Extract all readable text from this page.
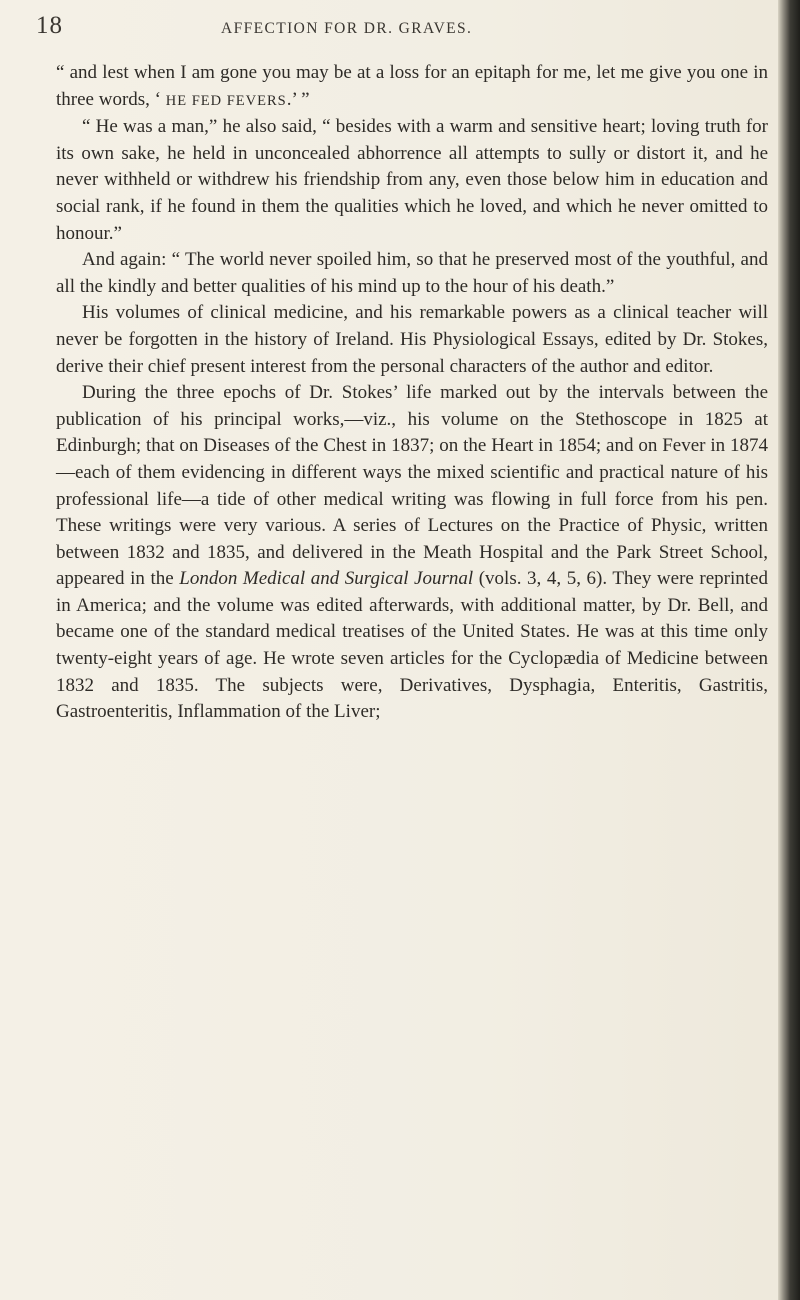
18	AFFECTION FOR DR. GRAVES.

“ and lest when I am gone you may be at a loss for an epitaph for me, let me give you one in three words, ‘ HE FED FEVERS.’ ”

“ He was a man,” he also said, “ besides with a warm and sensitive heart; loving truth for its own sake, he held in unconcealed abhorrence all attempts to sully or distort it, and he never withheld or withdrew his friendship from any, even those below him in education and social rank, if he found in them the qualities which he loved, and which he never omitted to honour.”

And again: “ The world never spoiled him, so that he preserved most of the youthful, and all the kindly and better qualities of his mind up to the hour of his death.”

His volumes of clinical medicine, and his remarkable powers as a clinical teacher will never be forgotten in the history of Ireland. His Physiological Essays, edited by Dr. Stokes, derive their chief present interest from the personal characters of the author and editor.

During the three epochs of Dr. Stokes’ life marked out by the intervals between the publication of his principal works,—viz., his volume on the Stethoscope in 1825 at Edinburgh; that on Diseases of the Chest in 1837; on the Heart in 1854; and on Fever in 1874—each of them evidencing in different ways the mixed scientific and practical nature of his professional life—a tide of other medical writing was flowing in full force from his pen. These writings were very various. A series of Lectures on the Practice of Physic, written between 1832 and 1835, and delivered in the Meath Hospital and the Park Street School, appeared in the London Medical and Surgical Journal (vols. 3, 4, 5, 6). They were reprinted in America; and the volume was edited afterwards, with additional matter, by Dr. Bell, and became one of the standard medical treatises of the United States. He was at this time only twenty-eight years of age. He wrote seven articles for the Cyclopædia of Medicine between 1832 and 1835. The subjects were, Derivatives, Dysphagia, Enteritis, Gastritis, Gastroenteritis, Inflammation of the Liver;
